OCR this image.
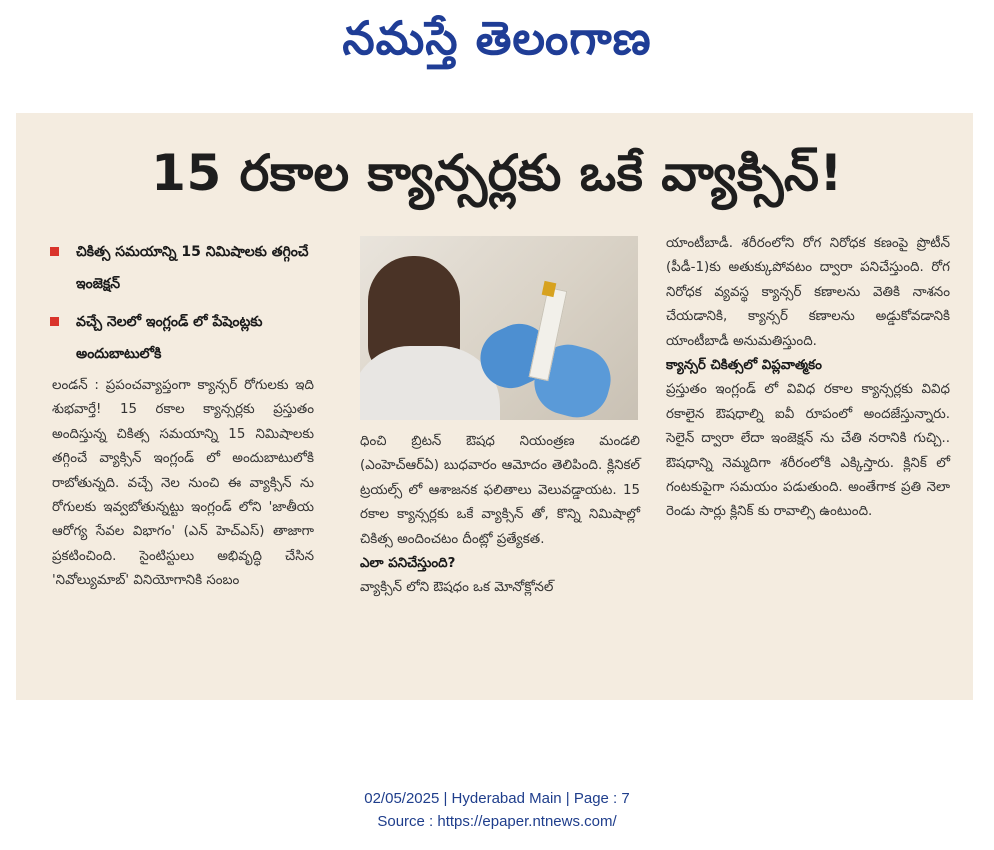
నమస్తే తెలంగాణ
15 రకాల క్యాన్సర్లకు ఒకే వ్యాక్సిన్!
చికిత్స సమయాన్ని 15 నిమిషాలకు తగ్గించే ఇంజెక్షన్
వచ్చే నెలలో ఇంగ్లండ్ లో పేషెంట్లకు అందుబాటులోకి
లండన్ : ప్రపంచవ్యాప్తంగా క్యాన్సర్ రోగులకు ఇది శుభవార్తే! 15 రకాల క్యాన్సర్లకు ప్రస్తుతం అందిస్తున్న చికిత్స సమయాన్ని 15 నిమిషాలకు తగ్గించే వ్యాక్సిన్ ఇంగ్లండ్ లో అందుబాటులోకి రాబోతున్నది. వచ్చే నెల నుంచి ఈ వ్యాక్సిన్ ను రోగులకు ఇవ్వబోతున్నట్టు ఇంగ్లండ్ లోని 'జాతీయ ఆరోగ్య సేవల విభాగం' (ఎన్ హెచ్ఎస్) తాజాగా ప్రకటించింది. సైంటిస్టులు అభివృద్ధి చేసిన 'నివోల్యుమాబ్' వినియోగానికి సంబం
ధించి బ్రిటన్ ఔషధ నియంత్రణ మండలి (ఎంహెచ్ఆర్ఏ) బుధవారం ఆమోదం తెలిపింది. క్లినికల్ ట్రయల్స్ లో ఆశాజనక ఫలితాలు వెలువడ్డాయట. 15 రకాల క్యాన్సర్లకు ఒకే వ్యాక్సిన్ తో, కొన్ని నిమిషాల్లో చికిత్స అందించటం దీంట్లో ప్రత్యేకత.
ఎలా పనిచేస్తుంది?
వ్యాక్సిన్ లోని ఔషధం ఒక మోనోక్లోనల్
యాంటీబాడీ. శరీరంలోని రోగ నిరోధక కణంపై ప్రొటీన్ (పీడీ-1)కు అతుక్కుపోవటం ద్వారా పనిచేస్తుంది. రోగ నిరోధక వ్యవస్థ క్యాన్సర్ కణాలను వెతికి నాశనం చేయడానికి, క్యాన్సర్ కణాలను అడ్డుకోవడానికి యాంటీబాడీ అనుమతిస్తుంది.
క్యాన్సర్ చికిత్సలో విప్లవాత్మకం
ప్రస్తుతం ఇంగ్లండ్ లో వివిధ రకాల క్యాన్సర్లకు వివిధ రకాలైన ఔషధాల్ని ఐవీ రూపంలో అందజేస్తున్నారు. సెలైన్ ద్వారా లేదా ఇంజెక్షన్ ను చేతి నరానికి గుచ్చి.. ఔషధాన్ని నెమ్మదిగా శరీరంలోకి ఎక్కిస్తారు. క్లినిక్ లో గంటకుపైగా సమయం పడుతుంది. అంతేగాక ప్రతి నెలా రెండు సార్లు క్లినిక్ కు రావాల్సి ఉంటుంది.
02/05/2025 | Hyderabad Main | Page : 7
Source : https://epaper.ntnews.com/
